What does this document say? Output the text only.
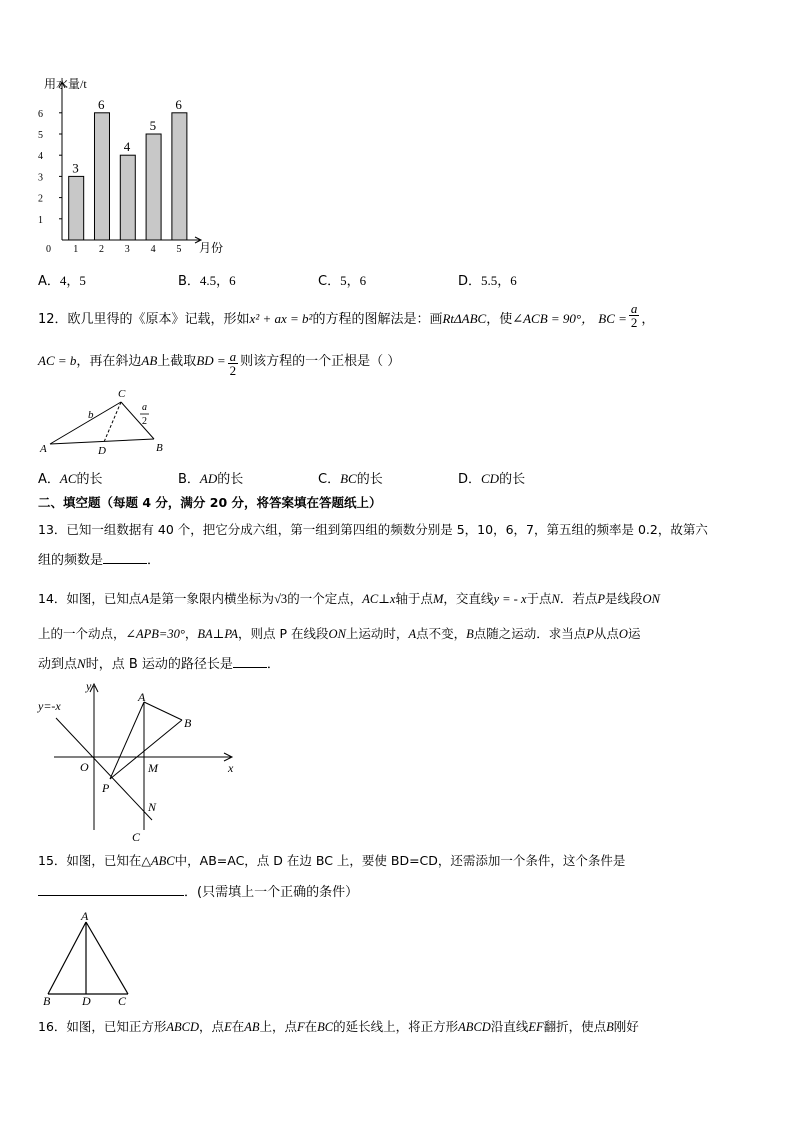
用水量/t
月份
0
1
2
3
4
5
6
3
1
6
2
4
3
5
4
6
5
A．4，5	B．4.5，6	C．5，6	D．5.5，6
12．欧几里得的《原本》记载，形如x² + ax = b²的方程的图解法是：画RtΔABC，使∠ACB = 90°， BC = $\frac{a}{2}$ ，
AC = b，再在斜边AB上截取BD = $\frac{a}{2}$ 则该方程的一个正根是（ ）
A	B
C
D
b
a
2
A．AC的长	B．AD的长	C．BC的长	D．CD的长
二、填空题（每题 4 分，满分 20 分，将答案填在答题纸上）
13．已知一组数据有 40 个，把它分成六组，第一组到第四组的频数分别是 5，10，6，7，第五组的频率是 0.2，故第六
组的频数是	．
14．如图，已知点A是第一象限内横坐标为√3的一个定点，AC⊥x轴于点M，交直线y = - x于点N．若点P是线段ON
上的一个动点，∠APB=30°，BA⊥PA，则点 P 在线段ON上运动时，A点不变，B点随之运动．求当点P从点O运
动到点N时，点 B 运动的路径长是	．
y=-x
y
x
A
B
O	M
P
N
C
15．如图，已知在△ABC中，AB=AC，点 D 在边 BC 上，要使 BD=CD，还需添加一个条件，这个条件是
．(只需填上一个正确的条件）
A
B	D C
16．如图，已知正方形ABCD，点E在AB上，点F在BC的延长线上，将正方形ABCD沿直线EF翻折，使点B刚好
